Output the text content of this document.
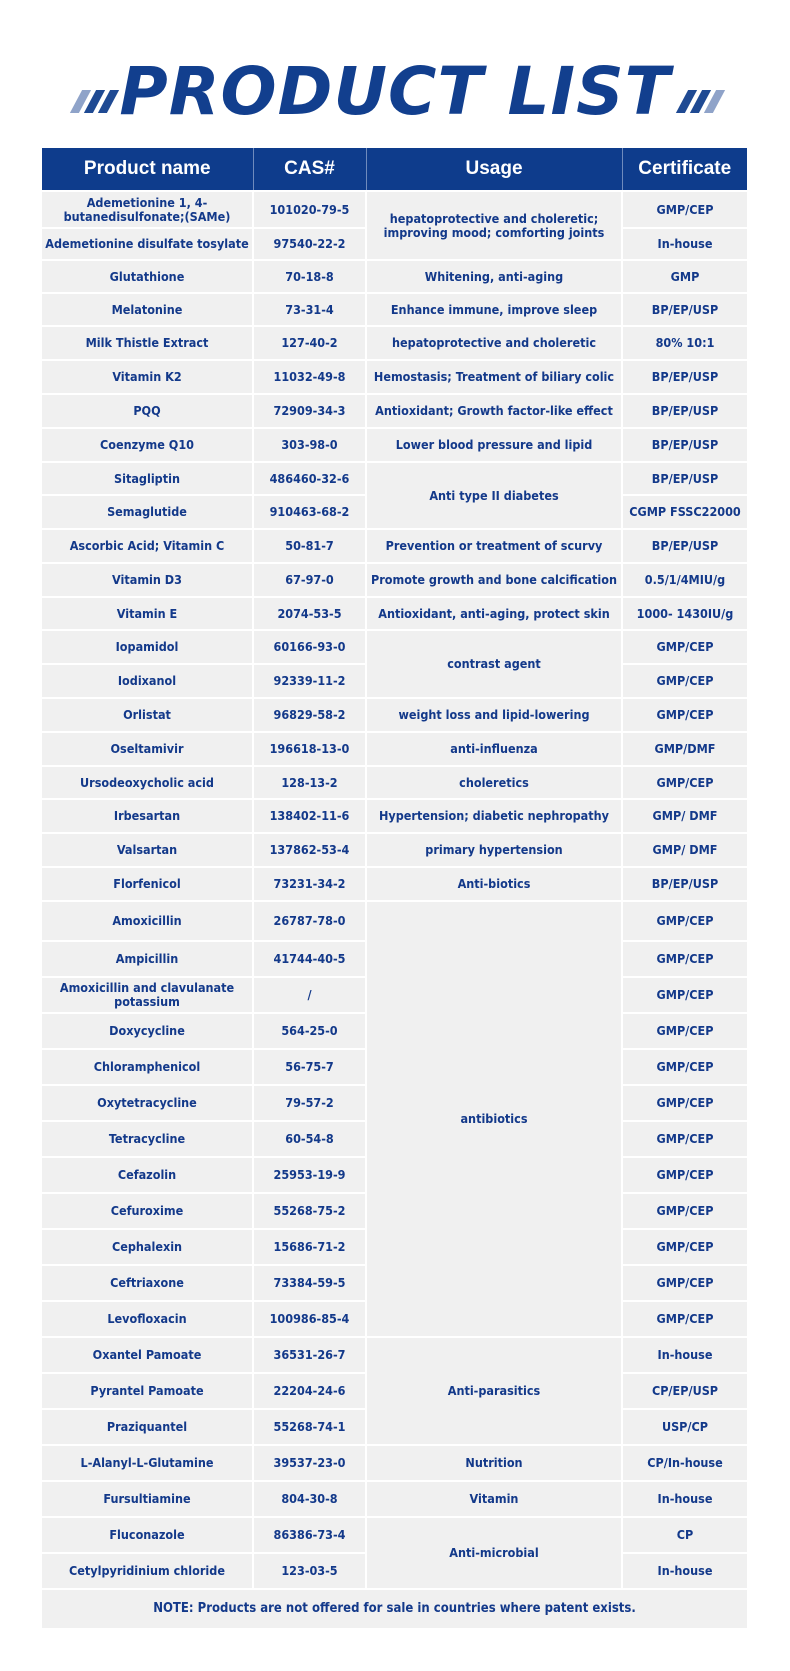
PRODUCT LIST
Product name	CAS#	Usage	Certificate
Ademetionine 1, 4-butanedisulfonate;(SAMe)	101020-79-5	hepatoprotective and choleretic; improving mood; comforting joints	GMP/CEP
Ademetionine disulfate tosylate	97540-22-2		In-house
Glutathione	70-18-8	Whitening, anti-aging	GMP
Melatonine	73-31-4	Enhance immune, improve sleep	BP/EP/USP
Milk Thistle Extract	127-40-2	hepatoprotective and choleretic	80% 10:1
Vitamin K2	11032-49-8	Hemostasis; Treatment of biliary colic	BP/EP/USP
PQQ	72909-34-3	Antioxidant; Growth factor-like effect	BP/EP/USP
Coenzyme Q10	303-98-0	Lower blood pressure and lipid	BP/EP/USP
Sitagliptin	486460-32-6	Anti type II diabetes	BP/EP/USP
Semaglutide	910463-68-2		CGMP FSSC22000
Ascorbic Acid; Vitamin C	50-81-7	Prevention or treatment of scurvy	BP/EP/USP
Vitamin D3	67-97-0	Promote growth and bone calcification	0.5/1/4MIU/g
Vitamin E	2074-53-5	Antioxidant, anti-aging, protect skin	1000- 1430IU/g
Iopamidol	60166-93-0	contrast agent	GMP/CEP
Iodixanol	92339-11-2		GMP/CEP
Orlistat	96829-58-2	weight loss and lipid-lowering	GMP/CEP
Oseltamivir	196618-13-0	anti-influenza	GMP/DMF
Ursodeoxycholic acid	128-13-2	choleretics	GMP/CEP
Irbesartan	138402-11-6	Hypertension; diabetic nephropathy	GMP/ DMF
Valsartan	137862-53-4	primary hypertension	GMP/ DMF
Florfenicol	73231-34-2	Anti-biotics	BP/EP/USP
Amoxicillin	26787-78-0	antibiotics	GMP/CEP
Ampicillin	41744-40-5		GMP/CEP
Amoxicillin and clavulanate potassium	/		GMP/CEP
Doxycycline	564-25-0		GMP/CEP
Chloramphenicol	56-75-7		GMP/CEP
Oxytetracycline	79-57-2		GMP/CEP
Tetracycline	60-54-8		GMP/CEP
Cefazolin	25953-19-9		GMP/CEP
Cefuroxime	55268-75-2		GMP/CEP
Cephalexin	15686-71-2		GMP/CEP
Ceftriaxone	73384-59-5		GMP/CEP
Levofloxacin	100986-85-4		GMP/CEP
Oxantel Pamoate	36531-26-7	Anti-parasitics	In-house
Pyrantel Pamoate	22204-24-6		CP/EP/USP
Praziquantel	55268-74-1		USP/CP
L-Alanyl-L-Glutamine	39537-23-0	Nutrition	CP/In-house
Fursultiamine	804-30-8	Vitamin	In-house
Fluconazole	86386-73-4	Anti-microbial	CP
Cetylpyridinium chloride	123-03-5		In-house
NOTE: Products are not offered for sale in countries where patent exists.			
